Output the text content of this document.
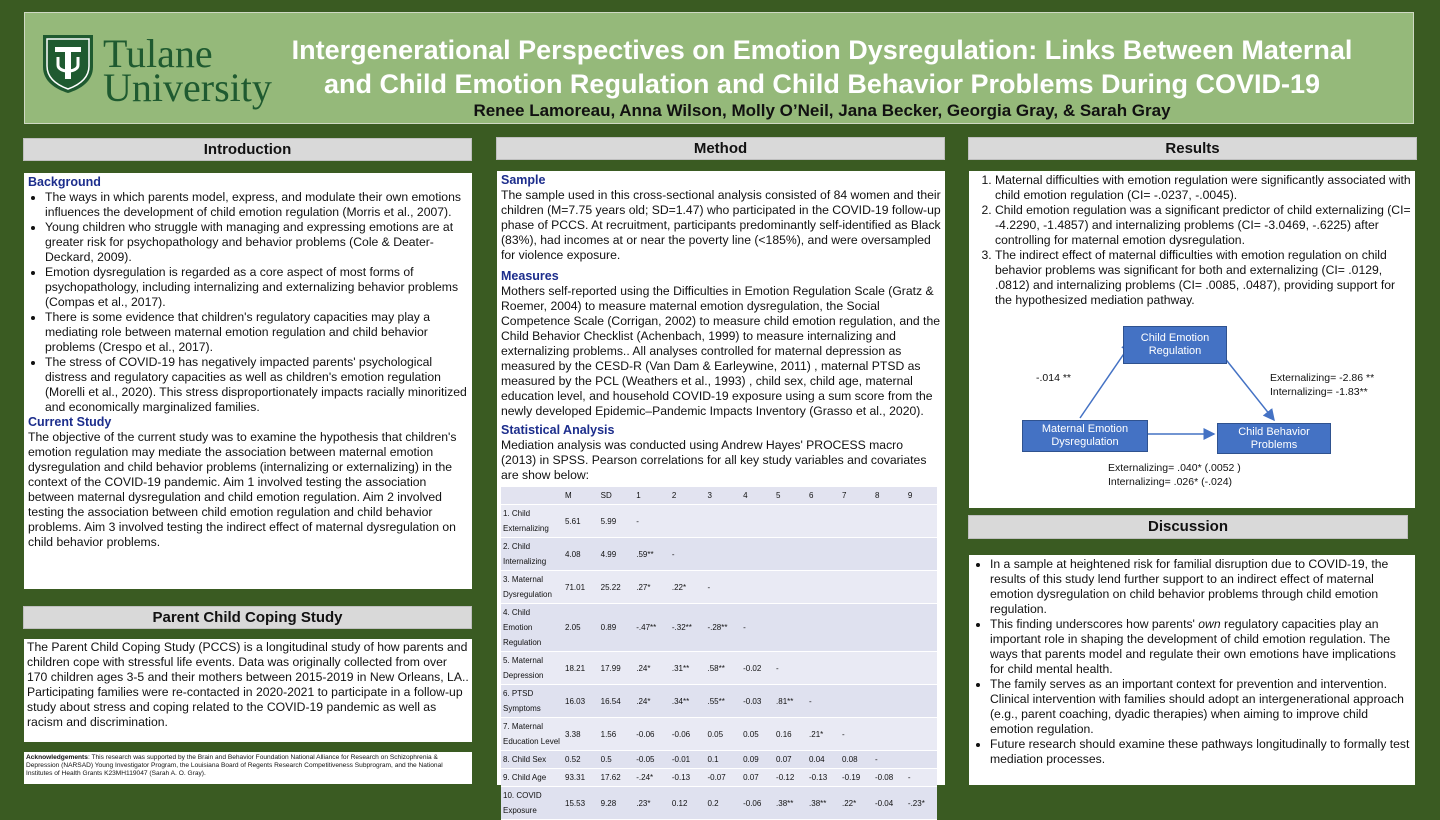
Tulane
University
Intergenerational Perspectives on Emotion Dysregulation: Links Between Maternal
and Child Emotion Regulation and Child Behavior Problems During COVID-19
Renee Lamoreau, Anna Wilson, Molly O’Neil, Jana Becker, Georgia Gray, & Sarah Gray
Introduction
Background
• The ways in which parents model, express, and modulate their own emotions influences the development of child emotion regulation (Morris et al., 2007).
• Young children who struggle with managing and expressing emotions are at greater risk for psychopathology and behavior problems (Cole & Deater-Deckard, 2009).
• Emotion dysregulation is regarded as a core aspect of most forms of psychopathology, including internalizing and externalizing behavior problems (Compas et al., 2017).
• There is some evidence that children's regulatory capacities may play a mediating role between maternal emotion regulation and child behavior problems (Crespo et al., 2017).
• The stress of COVID-19 has negatively impacted parents' psychological distress and regulatory capacities as well as children's emotion regulation (Morelli et al., 2020). This stress disproportionately impacts racially minoritized and economically marginalized families.
Current Study

The objective of the current study was to examine the hypothesis that children's emotion regulation may mediate the association between maternal emotion dysregulation and child behavior problems (internalizing or externalizing) in the context of the COVID-19 pandemic. Aim 1 involved testing the association between maternal dysregulation and child emotion regulation. Aim 2 involved testing the association between child emotion regulation and child behavior problems. Aim 3 involved testing the indirect effect of maternal dysregulation on child behavior problems.

Parent Child Coping Study

The Parent Child Coping Study (PCCS) is a longitudinal study of how parents and children cope with stressful life events. Data was originally collected from over 170 children ages 3-5 and their mothers between 2015-2019 in New Orleans, LA.. Participating families were re-contacted in 2020-2021 to participate in a follow-up study about stress and coping related to the COVID-19 pandemic as well as racism and discrimination.

Acknowledgements: This research was supported by the Brain and Behavior Foundation National Alliance for Research on Schizophrenia & Depression (NARSAD) Young Investigator Program, the Louisiana Board of Regents Research Competitiveness Subprogram, and the National Institutes of Health Grants K23MH119047 (Sarah A. O. Gray).
Method
Sample

The sample used in this cross-sectional analysis consisted of 84 women and their children (M=7.75 years old; SD=1.47) who participated in the COVID-19 follow-up phase of PCCS. At recruitment, participants predominantly self-identified as Black (83%), had incomes at or near the poverty line (<185%), and were oversampled for violence exposure.

Measures

Mothers self-reported using the Difficulties in Emotion Regulation Scale (Gratz & Roemer, 2004) to measure maternal emotion dysregulation, the Social Competence Scale (Corrigan, 2002) to measure child emotion regulation, and the Child Behavior Checklist (Achenbach, 1999) to measure internalizing and externalizing problems.. All analyses controlled for maternal depression as measured by the CESD-R (Van Dam & Earleywine, 2011) , maternal PTSD as measured by the PCL (Weathers et al., 1993) , child sex, child age, maternal education level, and household COVID-19 exposure using a sum score from the newly developed Epidemic–Pandemic Impacts Inventory (Grasso et al., 2020).

Statistical Analysis

Mediation analysis was conducted using Andrew Hayes' PROCESS macro (2013) in SPSS. Pearson correlations for all key study variables and covariates are show below:

	M	SD	1	2	3	4	5	6	7	8	9
1. Child Externalizing	5.61	5.99	-								
2. Child Internalizing	4.08	4.99	.59**	-							
3. Maternal Dysregulation	71.01	25.22	.27*	.22*	-						
4. Child Emotion Regulation	2.05	0.89	-.47**	-.32**	-.28**	-					
5. Maternal Depression	18.21	17.99	.24*	.31**	.58**	-0.02	-				
6. PTSD Symptoms	16.03	16.54	.24*	.34**	.55**	-0.03	.81**	-			
7. Maternal Education Level	3.38	1.56	-0.06	-0.06	0.05	0.05	0.16	.21*	-		
8. Child Sex	0.52	0.5	-0.05	-0.01	0.1	0.09	0.07	0.04	0.08	-	
9. Child Age	93.31	17.62	-.24*	-0.13	-0.07	0.07	-0.12	-0.13	-0.19	-0.08	-
10. COVID Exposure	15.53	9.28	.23*	0.12	0.2	-0.06	.38**	.38**	.22*	-0.04	-.23*
Results
1. Maternal difficulties with emotion regulation were significantly associated with child emotion regulation (CI= -.0237, -.0045).
2. Child emotion regulation was a significant predictor of child externalizing (CI= -4.2290, -1.4857) and internalizing problems (CI= -3.0469, -.6225) after controlling for maternal emotion dysregulation.
3. The indirect effect of maternal difficulties with emotion regulation on child behavior problems was significant for both and externalizing (CI= .0129, .0812) and internalizing problems (CI= .0085, .0487), providing support for the hypothesized mediation pathway.
Child Emotion Regulation
Maternal Emotion Dysregulation
Child Behavior Problems
-.014 **	Externalizing= -2.86 **
Internalizing= -1.83**
Externalizing= .040* (.0052 )
Internalizing= .026* (-.024)
Discussion
• In a sample at heightened risk for familial disruption due to COVID-19, the results of this study lend further support to an indirect effect of maternal emotion dysregulation on child behavior problems through child emotion regulation.
• This finding underscores how parents' own regulatory capacities play an important role in shaping the development of child emotion regulation. The ways that parents model and regulate their own emotions have implications for child mental health.
• The family serves as an important context for prevention and intervention. Clinical intervention with families should adopt an intergenerational approach (e.g., parent coaching, dyadic therapies) when aiming to improve child emotion regulation.
• Future research should examine these pathways longitudinally to formally test mediation processes.
